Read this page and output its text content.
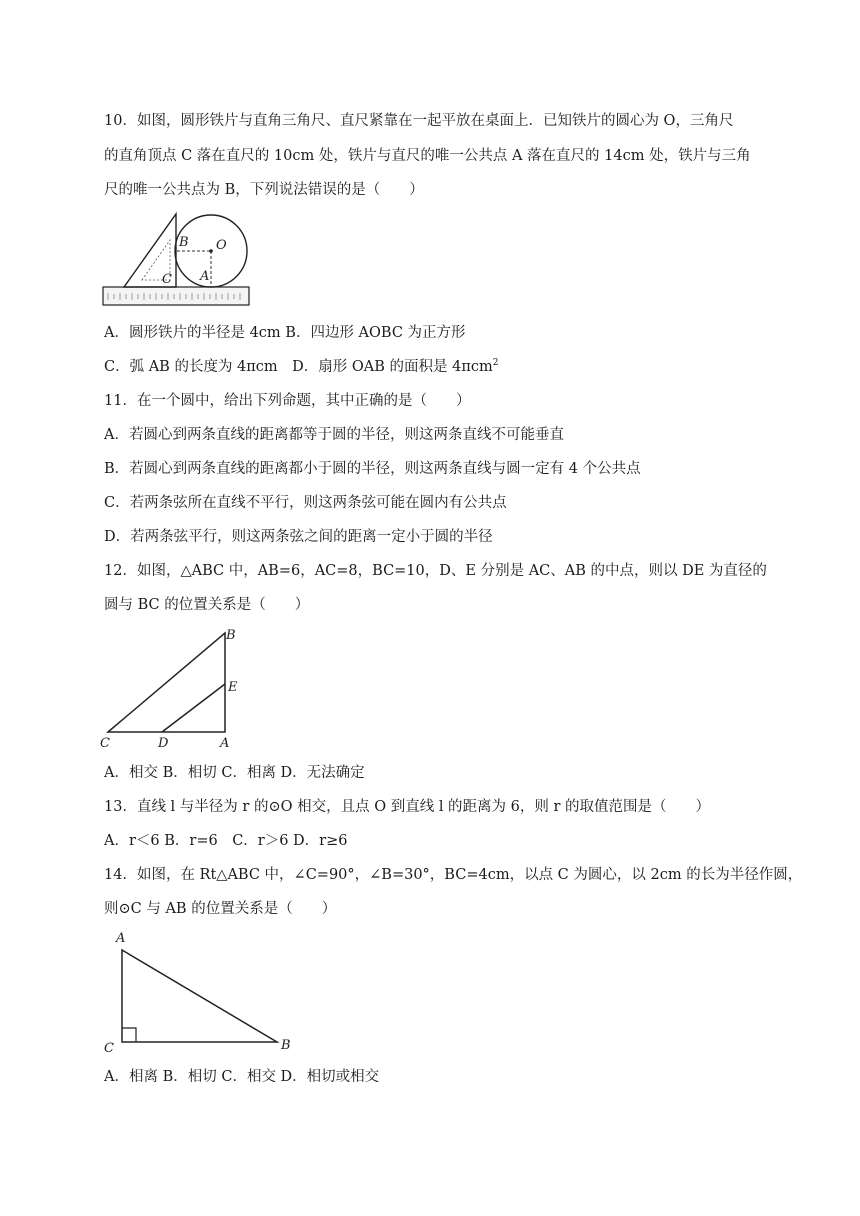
10．如图，圆形铁片与直角三角尺、直尺紧靠在一起平放在桌面上．已知铁片的圆心为 O，三角尺
的直角顶点 C 落在直尺的 10cm 处，铁片与直尺的唯一公共点 A 落在直尺的 14cm 处，铁片与三角
尺的唯一公共点为 B，下列说法错误的是（　　）
B O
C A
A．圆形铁片的半径是 4cm B．四边形 AOBC 为正方形
C．弧 AB 的长度为 4πcm　D．扇形 OAB 的面积是 4πcm$^2$
11．在一个圆中，给出下列命题，其中正确的是（　　）
A．若圆心到两条直线的距离都等于圆的半径，则这两条直线不可能垂直
B．若圆心到两条直线的距离都小于圆的半径，则这两条直线与圆一定有 4 个公共点
C．若两条弦所在直线不平行，则这两条弦可能在圆内有公共点
D．若两条弦平行，则这两条弦之间的距离一定小于圆的半径
12．如图，△ABC 中，AB=6，AC=8，BC=10，D、E 分别是 AC、AB 的中点，则以 DE 为直径的
圆与 BC 的位置关系是（　　）
B
E
C	D	A
A．相交 B．相切 C．相离 D．无法确定
13．直线 l 与半径为 r 的⊙O 相交，且点 O 到直线 l 的距离为 6，则 r 的取值范围是（　　）
A．r＜6 B．r=6　C．r＞6 D．r≥6
14．如图，在 Rt△ABC 中，∠C=90°，∠B=30°，BC=4cm，以点 C 为圆心，以 2cm 的长为半径作圆，
则⊙C 与 AB 的位置关系是（　　）
A
C	B
A．相离 B．相切 C．相交 D．相切或相交
